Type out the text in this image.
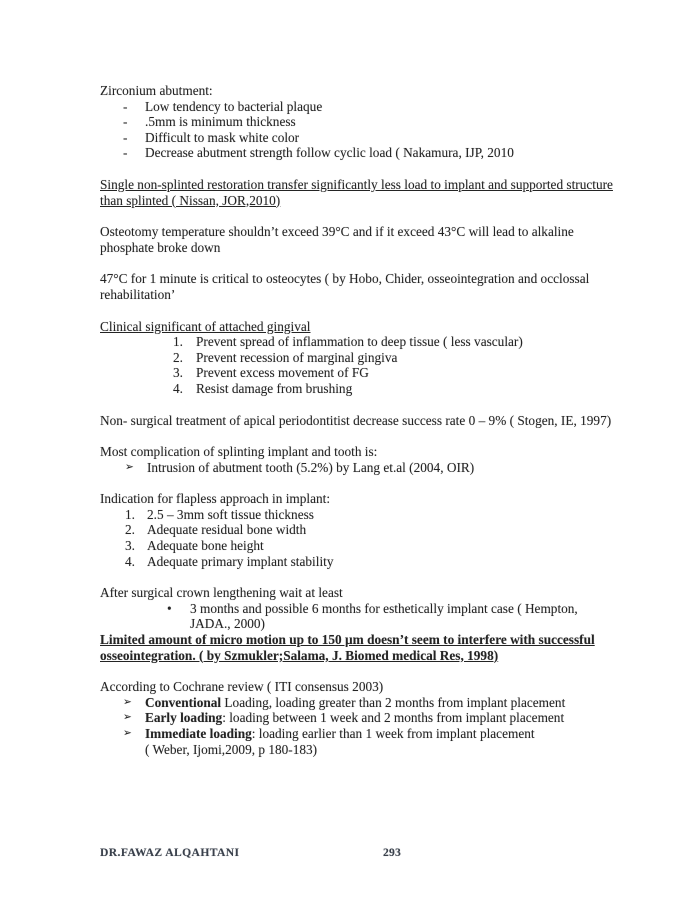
Zirconium abutment:

- Low tendency to bacterial plaque
- .5mm is minimum thickness
- Difficult to mask white color
- Decrease abutment strength follow cyclic load ( Nakamura, IJP, 2010

Single non-splinted restoration transfer significantly less load to implant and supported structure than splinted ( Nissan, JOR,2010)

Osteotomy temperature shouldn’t exceed 39°C and if it exceed 43°C will lead to alkaline phosphate broke down

47°C for 1 minute is critical to osteocytes ( by Hobo, Chider, osseointegration and occlossal rehabilitation’

Clinical significant of attached gingival

1. Prevent spread of inflammation to deep tissue ( less vascular)
2. Prevent recession of marginal gingiva
3. Prevent excess movement of FG
4. Resist damage from brushing

Non- surgical treatment of apical periodontitist decrease success rate 0 – 9% ( Stogen, IE, 1997)

Most complication of splinting implant and tooth is:

➢ Intrusion of abutment tooth (5.2%) by Lang et.al (2004, OIR)

Indication for flapless approach in implant:

1. 2.5 – 3mm soft tissue thickness
2. Adequate residual bone width
3. Adequate bone height
4. Adequate primary implant stability

After surgical crown lengthening wait at least

• 3 months and possible 6 months for esthetically implant case ( Hempton, JADA., 2000)

Limited amount of micro motion up to 150 µm doesn’t seem to interfere with successful osseointegration. ( by Szmukler;Salama, J. Biomed medical Res, 1998)

According to Cochrane review ( ITI consensus 2003)

➢ Conventional Loading, loading greater than 2 months from implant placement
➢ Early loading: loading between 1 week and 2 months from implant placement
➢ Immediate loading: loading earlier than 1 week from implant placement
( Weber, Ijomi,2009, p 180-183)
DR.FAWAZ ALQAHTANI	293
